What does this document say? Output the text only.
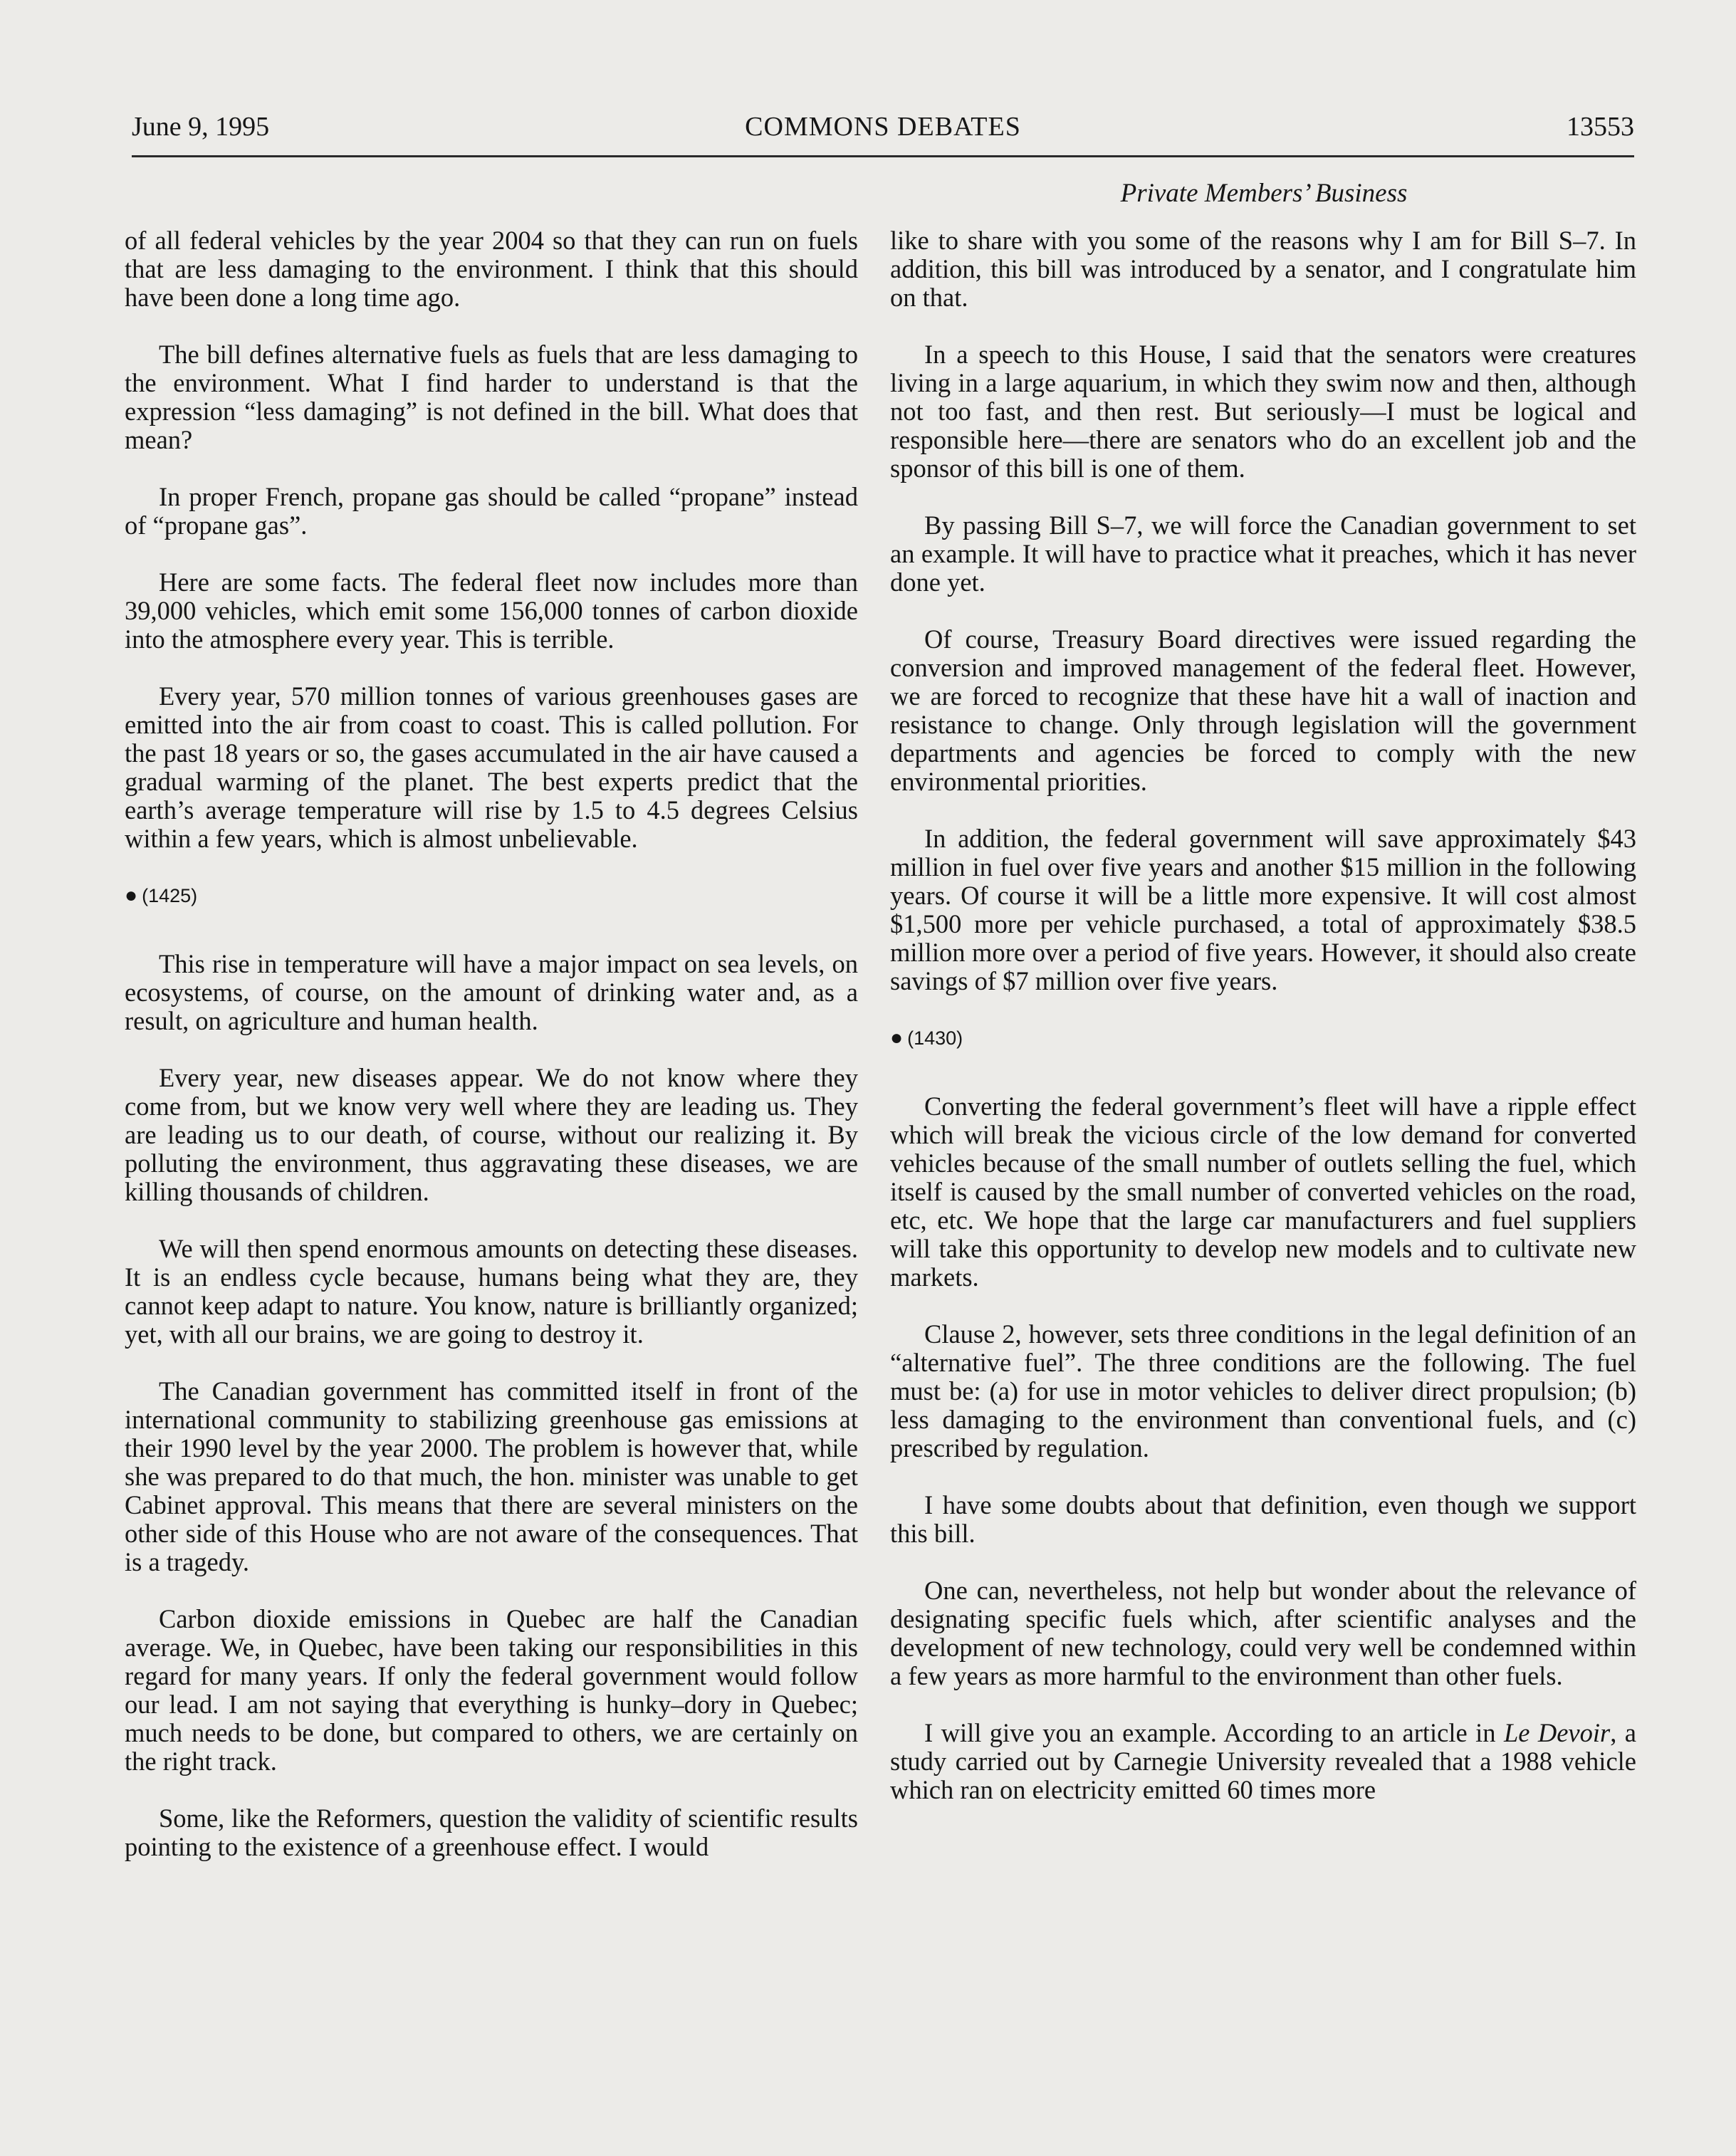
June 9, 1995	COMMONS DEBATES	13553
Private Members’ Business

of all federal vehicles by the year 2004 so that they can run on fuels that are less damaging to the environment. I think that this should have been done a long time ago.

The bill defines alternative fuels as fuels that are less damaging to the environment. What I find harder to understand is that the expression “less damaging” is not defined in the bill. What does that mean?

In proper French, propane gas should be called “propane” instead of “propane gas”.

Here are some facts. The federal fleet now includes more than 39,000 vehicles, which emit some 156,000 tonnes of carbon dioxide into the atmosphere every year. This is terrible.

Every year, 570 million tonnes of various greenhouses gases are emitted into the air from coast to coast. This is called pollution. For the past 18 years or so, the gases accumulated in the air have caused a gradual warming of the planet. The best experts predict that the earth’s average temperature will rise by 1.5 to 4.5 degrees Celsius within a few years, which is almost unbelievable.

● (1425)

This rise in temperature will have a major impact on sea levels, on ecosystems, of course, on the amount of drinking water and, as a result, on agriculture and human health.

Every year, new diseases appear. We do not know where they come from, but we know very well where they are leading us. They are leading us to our death, of course, without our realizing it. By polluting the environment, thus aggravating these diseases, we are killing thousands of children.

We will then spend enormous amounts on detecting these diseases. It is an endless cycle because, humans being what they are, they cannot keep adapt to nature. You know, nature is brilliantly organized; yet, with all our brains, we are going to destroy it.

The Canadian government has committed itself in front of the international community to stabilizing greenhouse gas emissions at their 1990 level by the year 2000. The problem is however that, while she was prepared to do that much, the hon. minister was unable to get Cabinet approval. This means that there are several ministers on the other side of this House who are not aware of the consequences. That is a tragedy.

Carbon dioxide emissions in Quebec are half the Canadian average. We, in Quebec, have been taking our responsibilities in this regard for many years. If only the federal government would follow our lead. I am not saying that everything is hunky–dory in Quebec; much needs to be done, but compared to others, we are certainly on the right track.

Some, like the Reformers, question the validity of scientific results pointing to the existence of a greenhouse effect. I would

like to share with you some of the reasons why I am for Bill S–7. In addition, this bill was introduced by a senator, and I congratulate him on that.

In a speech to this House, I said that the senators were creatures living in a large aquarium, in which they swim now and then, although not too fast, and then rest. But seriously—I must be logical and responsible here—there are senators who do an excellent job and the sponsor of this bill is one of them.

By passing Bill S–7, we will force the Canadian government to set an example. It will have to practice what it preaches, which it has never done yet.

Of course, Treasury Board directives were issued regarding the conversion and improved management of the federal fleet. However, we are forced to recognize that these have hit a wall of inaction and resistance to change. Only through legislation will the government departments and agencies be forced to comply with the new environmental priorities.

In addition, the federal government will save approximately $43 million in fuel over five years and another $15 million in the following years. Of course it will be a little more expensive. It will cost almost $1,500 more per vehicle purchased, a total of approximately $38.5 million more over a period of five years. However, it should also create savings of $7 million over five years.

● (1430)

Converting the federal government’s fleet will have a ripple effect which will break the vicious circle of the low demand for converted vehicles because of the small number of outlets selling the fuel, which itself is caused by the small number of converted vehicles on the road, etc, etc. We hope that the large car manufacturers and fuel suppliers will take this opportunity to develop new models and to cultivate new markets.

Clause 2, however, sets three conditions in the legal definition of an “alternative fuel”. The three conditions are the following. The fuel must be: (a) for use in motor vehicles to deliver direct propulsion; (b) less damaging to the environment than conventional fuels, and (c) prescribed by regulation.

I have some doubts about that definition, even though we support this bill.

One can, nevertheless, not help but wonder about the relevance of designating specific fuels which, after scientific analyses and the development of new technology, could very well be condemned within a few years as more harmful to the environment than other fuels.

I will give you an example. According to an article in Le Devoir, a study carried out by Carnegie University revealed that a 1988 vehicle which ran on electricity emitted 60 times more
